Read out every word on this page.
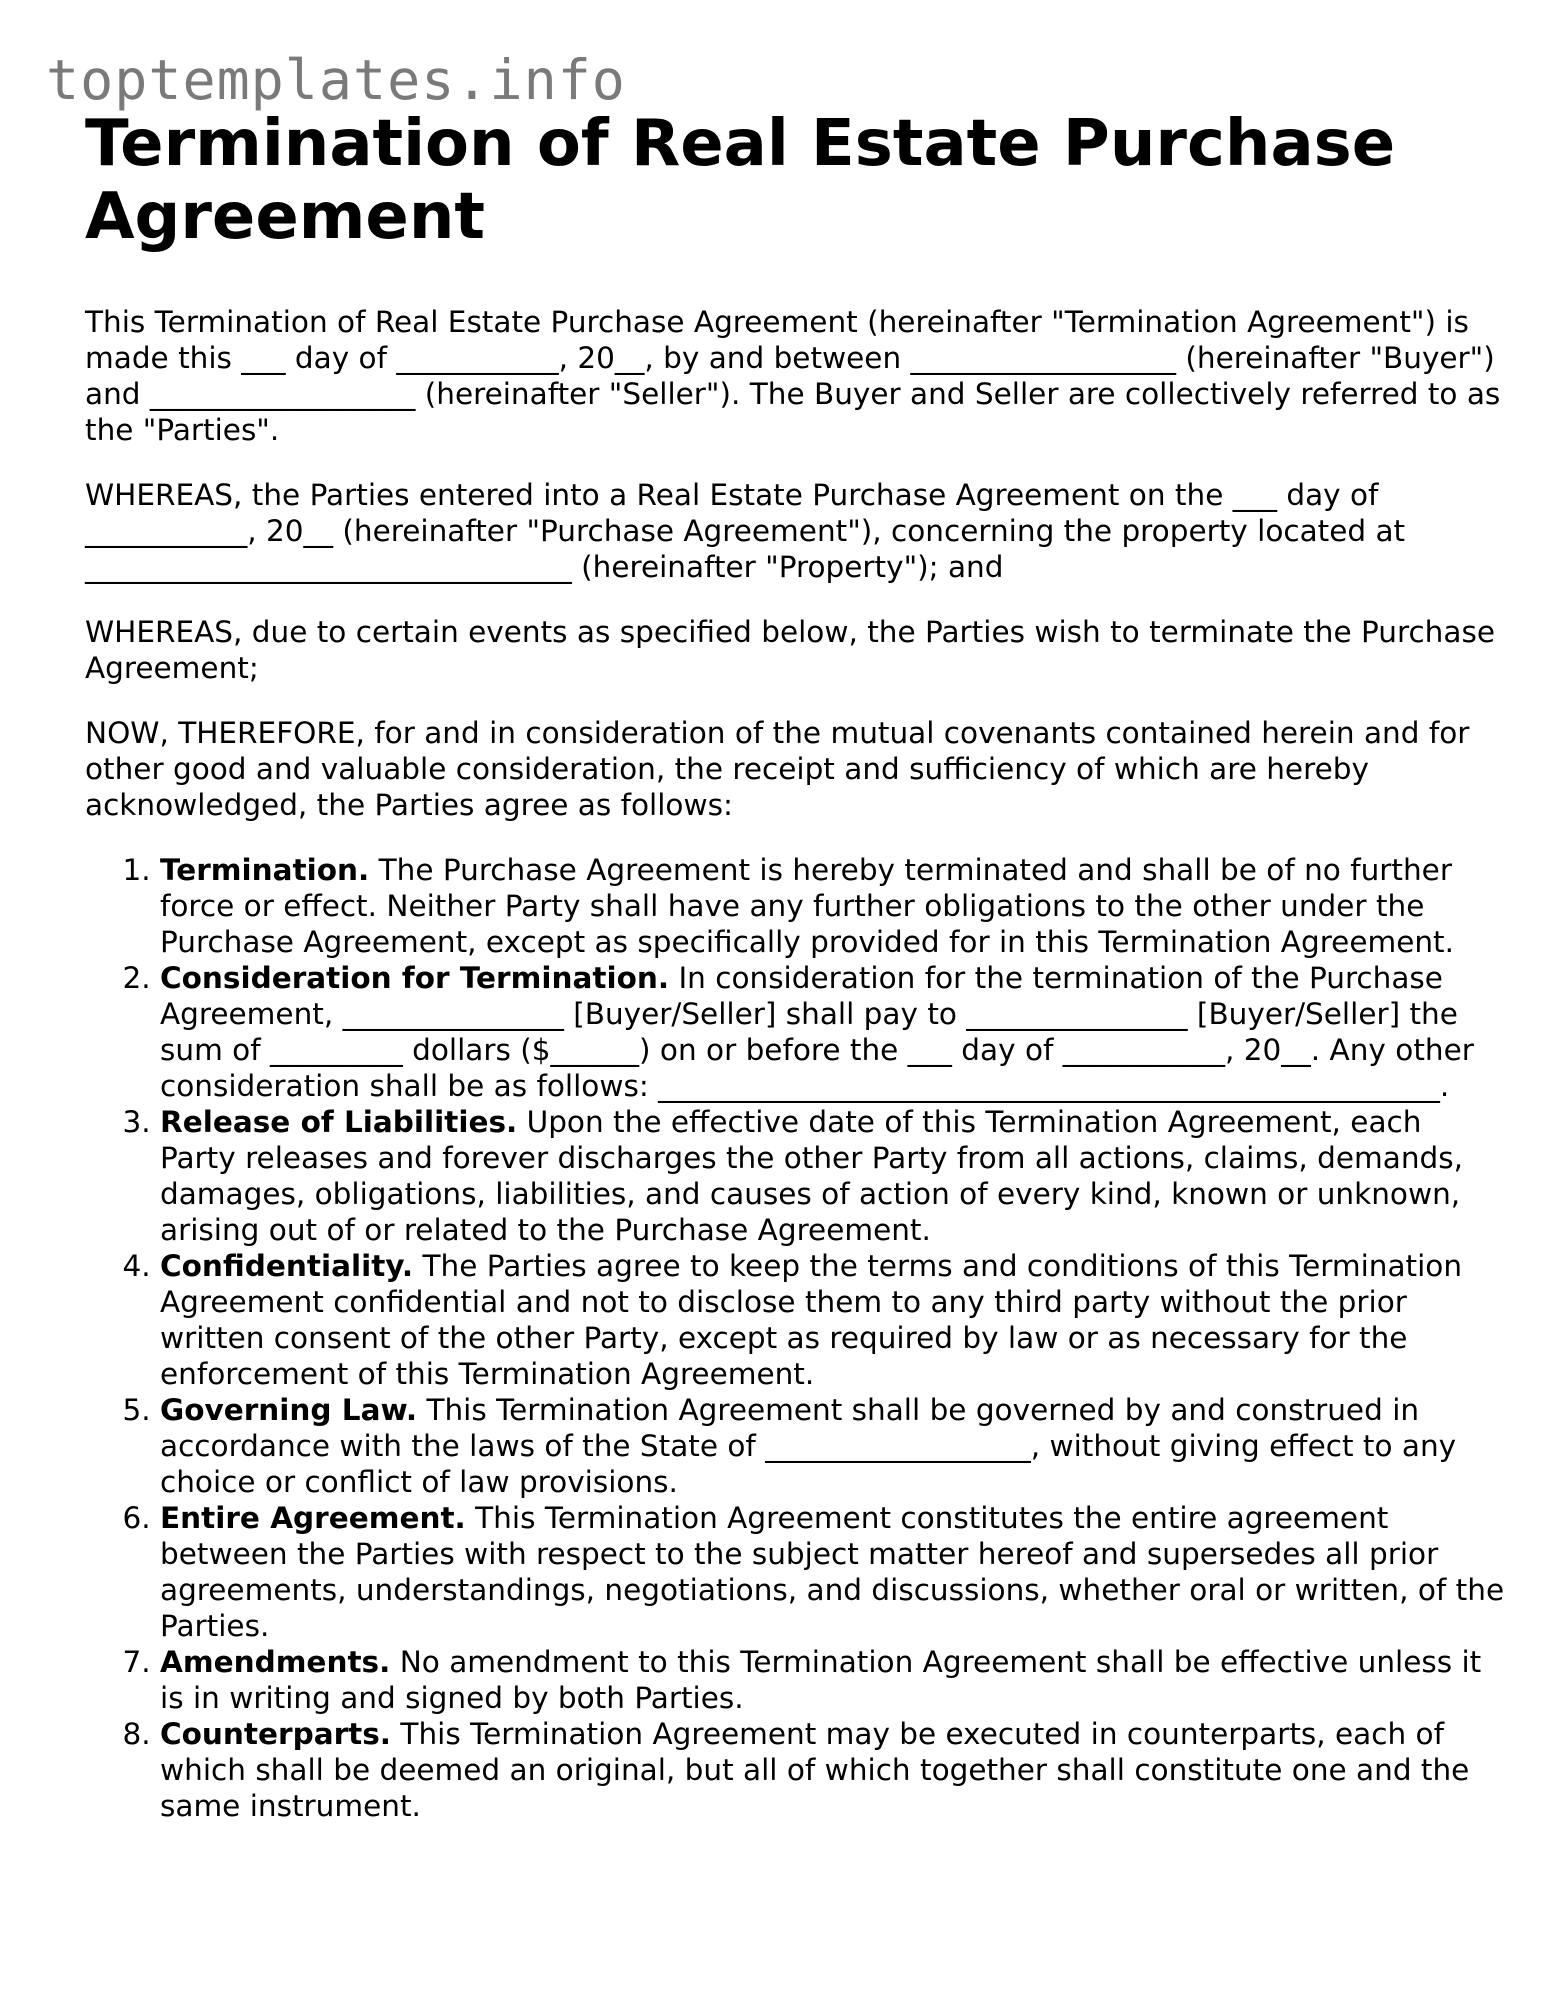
toptemplates.info
Termination of Real Estate Purchase Agreement

This Termination of Real Estate Purchase Agreement (hereinafter "Termination Agreement") is made this ___ day of ___________, 20__, by and between __________________ (hereinafter "Buyer") and __________________ (hereinafter "Seller"). The Buyer and Seller are collectively referred to as the "Parties".

WHEREAS, the Parties entered into a Real Estate Purchase Agreement on the ___ day of ___________, 20__ (hereinafter "Purchase Agreement"), concerning the property located at _________________________________ (hereinafter "Property"); and

WHEREAS, due to certain events as specified below, the Parties wish to terminate the Purchase Agreement;

NOW, THEREFORE, for and in consideration of the mutual covenants contained herein and for other good and valuable consideration, the receipt and sufficiency of which are hereby acknowledged, the Parties agree as follows:

1. Termination. The Purchase Agreement is hereby terminated and shall be of no further force or effect. Neither Party shall have any further obligations to the other under the Purchase Agreement, except as specifically provided for in this Termination Agreement.
2. Consideration for Termination. In consideration for the termination of the Purchase Agreement, _______________ [Buyer/Seller] shall pay to _______________ [Buyer/Seller] the sum of _________ dollars ($______) on or before the ___ day of ___________, 20__. Any other consideration shall be as follows: _____________________________________________________.
3. Release of Liabilities. Upon the effective date of this Termination Agreement, each Party releases and forever discharges the other Party from all actions, claims, demands, damages, obligations, liabilities, and causes of action of every kind, known or unknown, arising out of or related to the Purchase Agreement.
4. Confidentiality. The Parties agree to keep the terms and conditions of this Termination Agreement confidential and not to disclose them to any third party without the prior written consent of the other Party, except as required by law or as necessary for the enforcement of this Termination Agreement.
5. Governing Law. This Termination Agreement shall be governed by and construed in accordance with the laws of the State of __________________, without giving effect to any choice or conflict of law provisions.
6. Entire Agreement. This Termination Agreement constitutes the entire agreement between the Parties with respect to the subject matter hereof and supersedes all prior agreements, understandings, negotiations, and discussions, whether oral or written, of the Parties.
7. Amendments. No amendment to this Termination Agreement shall be effective unless it is in writing and signed by both Parties.
8. Counterparts. This Termination Agreement may be executed in counterparts, each of which shall be deemed an original, but all of which together shall constitute one and the same instrument.
